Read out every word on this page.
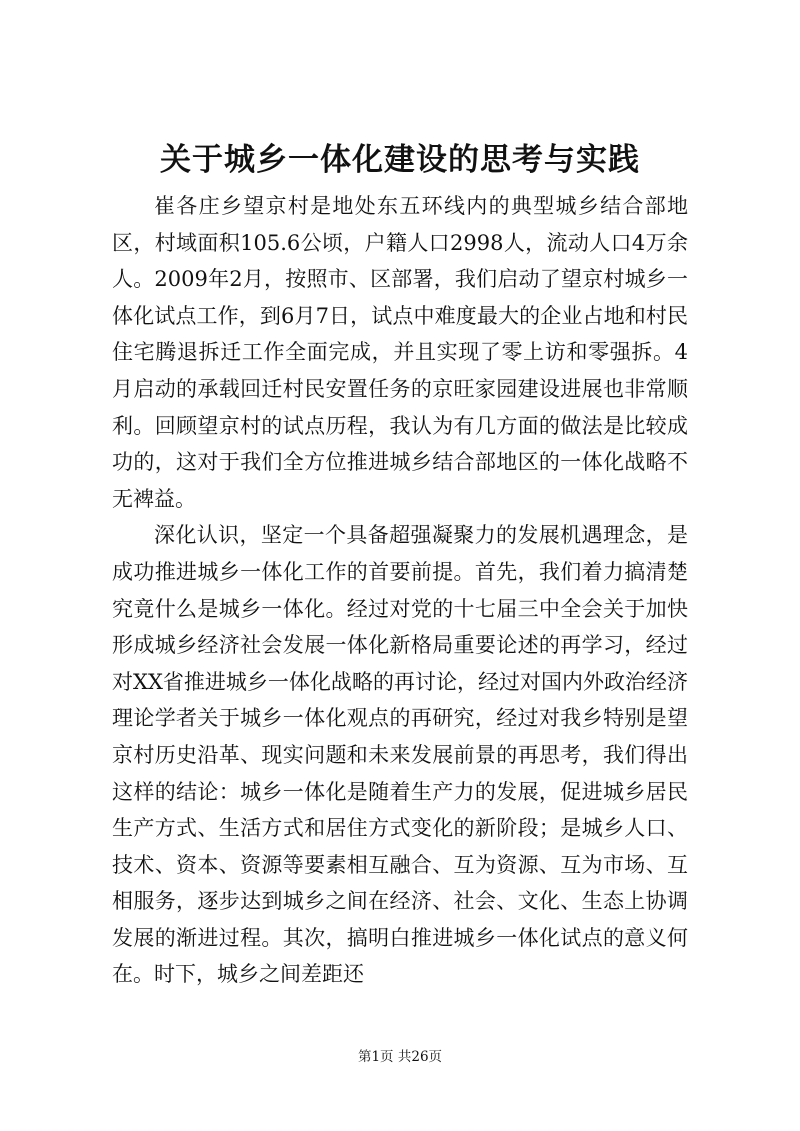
关于城乡一体化建设的思考与实践

崔各庄乡望京村是地处东五环线内的典型城乡结合部地区，村域面积105.6公顷，户籍人口2998人，流动人口4万余人。2009年2月，按照市、区部署，我们启动了望京村城乡一体化试点工作，到6月7日，试点中难度最大的企业占地和村民住宅腾退拆迁工作全面完成，并且实现了零上访和零强拆。4月启动的承载回迁村民安置任务的京旺家园建设进展也非常顺利。回顾望京村的试点历程，我认为有几方面的做法是比较成功的，这对于我们全方位推进城乡结合部地区的一体化战略不无裨益。

深化认识，坚定一个具备超强凝聚力的发展机遇理念，是成功推进城乡一体化工作的首要前提。首先，我们着力搞清楚究竟什么是城乡一体化。经过对党的十七届三中全会关于加快形成城乡经济社会发展一体化新格局重要论述的再学习，经过对XX省推进城乡一体化战略的再讨论，经过对国内外政治经济理论学者关于城乡一体化观点的再研究，经过对我乡特别是望京村历史沿革、现实问题和未来发展前景的再思考，我们得出这样的结论：城乡一体化是随着生产力的发展，促进城乡居民生产方式、生活方式和居住方式变化的新阶段；是城乡人口、技术、资本、资源等要素相互融合、互为资源、互为市场、互相服务，逐步达到城乡之间在经济、社会、文化、生态上协调发展的渐进过程。其次，搞明白推进城乡一体化试点的意义何在。时下，城乡之间差距还

第1页 共26页
